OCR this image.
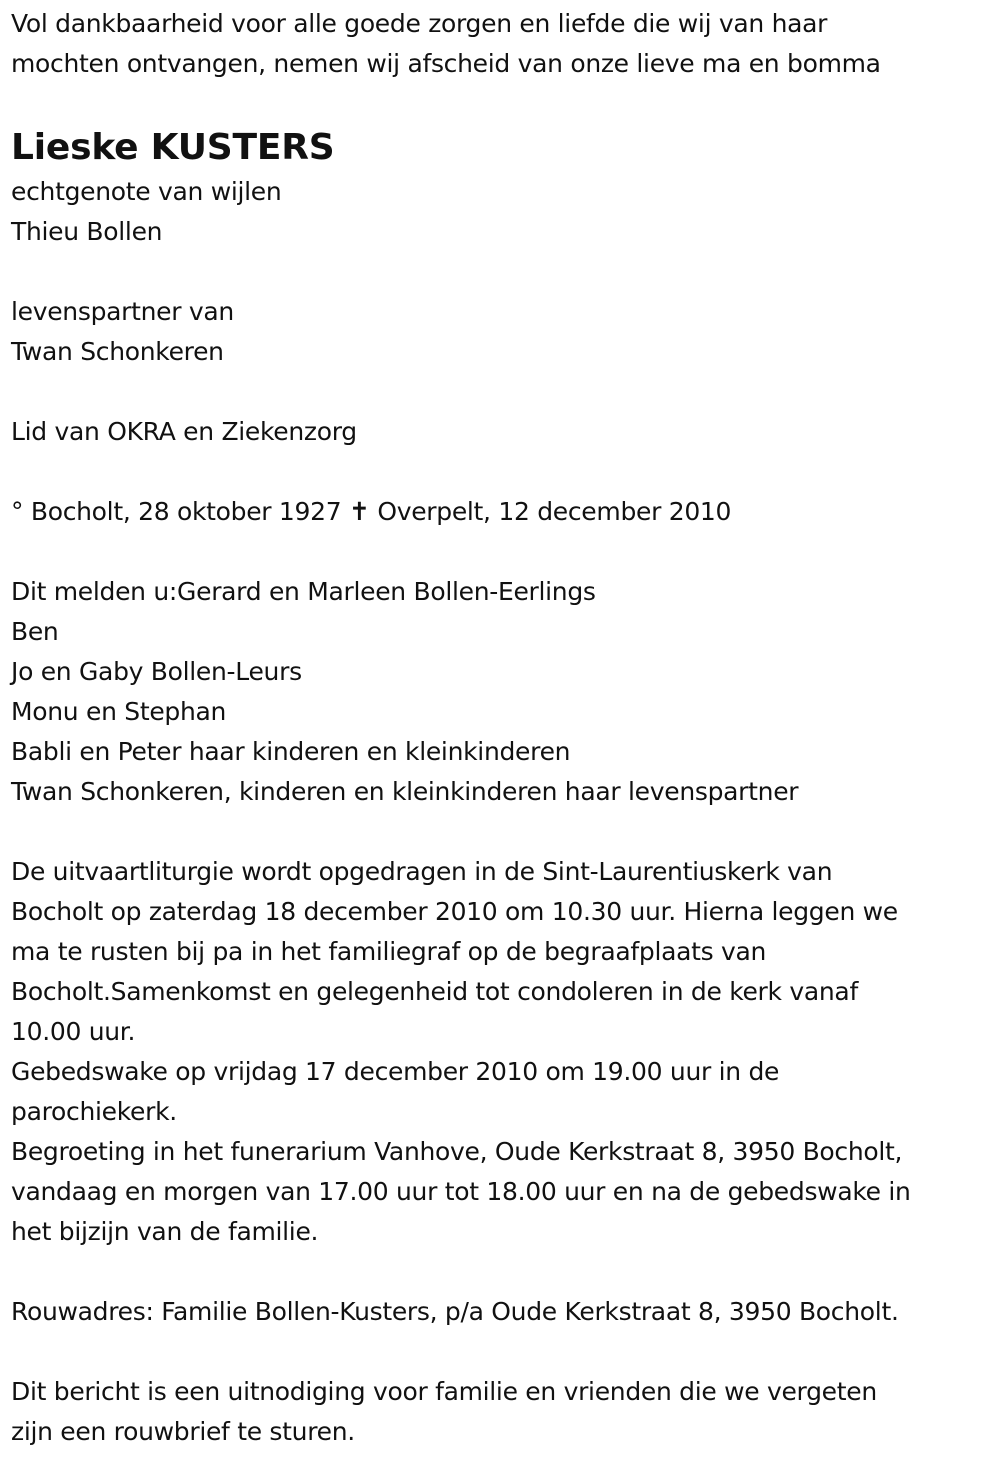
Vol dankbaarheid voor alle goede zorgen en liefde die wij van haar
mochten ontvangen, nemen wij afscheid van onze lieve ma en bomma
Lieske KUSTERS
echtgenote van wijlen
Thieu Bollen
levenspartner van
Twan Schonkeren
Lid van OKRA en Ziekenzorg
° Bocholt, 28 oktober 1927 ✝ Overpelt, 12 december 2010
Dit melden u:Gerard en Marleen Bollen-Eerlings
Ben
Jo en Gaby Bollen-Leurs
Monu en Stephan
Babli en Peter haar kinderen en kleinkinderen
Twan Schonkeren, kinderen en kleinkinderen haar levenspartner
De uitvaartliturgie wordt opgedragen in de Sint-Laurentiuskerk van
Bocholt op zaterdag 18 december 2010 om 10.30 uur. Hierna leggen we
ma te rusten bij pa in het familiegraf op de begraafplaats van
Bocholt.Samenkomst en gelegenheid tot condoleren in de kerk vanaf
10.00 uur.
Gebedswake op vrijdag 17 december 2010 om 19.00 uur in de
parochiekerk.
Begroeting in het funerarium Vanhove, Oude Kerkstraat 8, 3950 Bocholt,
vandaag en morgen van 17.00 uur tot 18.00 uur en na de gebedswake in
het bijzijn van de familie.
Rouwadres: Familie Bollen-Kusters, p/a Oude Kerkstraat 8, 3950 Bocholt.
Dit bericht is een uitnodiging voor familie en vrienden die we vergeten
zijn een rouwbrief te sturen.
